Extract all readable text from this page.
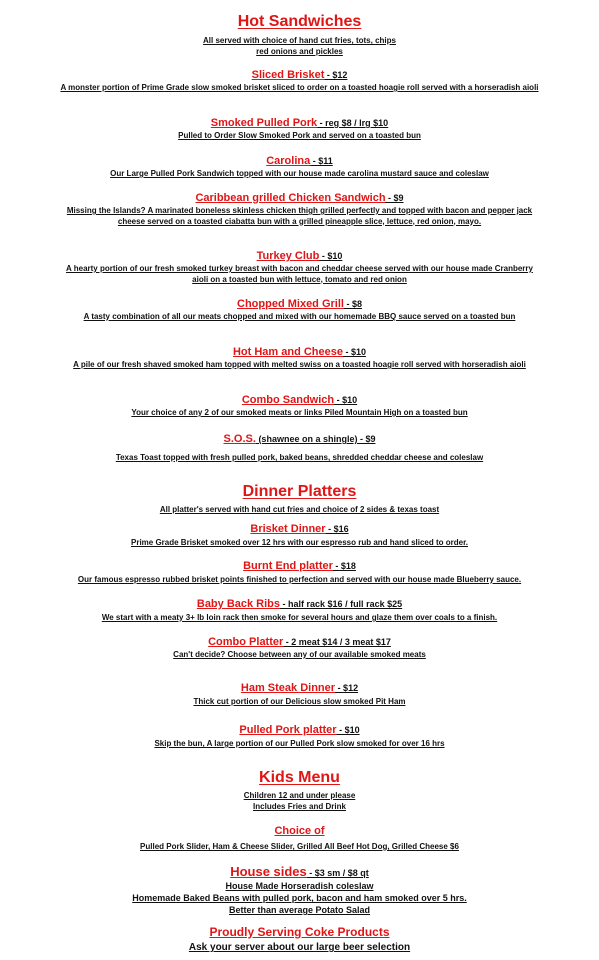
Hot Sandwiches
All served with choice of hand cut fries, tots, chips
red onions and pickles
Sliced Brisket - $12
A monster portion of Prime Grade slow smoked brisket sliced to order on a toasted hoagie roll served with a horseradish aioli
Smoked Pulled Pork - reg $8 / lrg $10
Pulled to Order Slow Smoked Pork and served on a toasted bun
Carolina - $11
Our Large Pulled Pork Sandwich topped with our house made carolina mustard sauce and coleslaw
Caribbean grilled Chicken Sandwich - $9
Missing the Islands? A marinated boneless skinless chicken thigh grilled perfectly and topped with bacon and pepper jack cheese served on a toasted ciabatta bun with a grilled pineapple slice, lettuce, red onion, mayo.
Turkey Club - $10
A hearty portion of our fresh smoked turkey breast with bacon and cheddar cheese served with our house made Cranberry aioli on a toasted bun with lettuce, tomato and red onion
Chopped Mixed Grill - $8
A tasty combination of all our meats chopped and mixed with our homemade BBQ sauce served on a toasted bun
Hot Ham and Cheese - $10
A pile of our fresh shaved smoked ham topped with melted swiss on a toasted hoagie roll served with horseradish aioli
Combo Sandwich - $10
Your choice of any 2 of our smoked meats or links Piled Mountain High on a toasted bun
S.O.S. (shawnee on a shingle) - $9
Texas Toast topped with fresh pulled pork, baked beans, shredded cheddar cheese and coleslaw
Dinner Platters
All platter's served with hand cut fries and choice of 2 sides & texas toast
Brisket Dinner - $16
Prime Grade Brisket smoked over 12 hrs with our espresso rub and hand sliced to order.
Burnt End platter - $18
Our famous espresso rubbed brisket points finished to perfection and served with our house made Blueberry sauce.
Baby Back Ribs - half rack $16 / full rack $25
We start with a meaty 3+ lb loin rack then smoke for several hours and glaze them over coals to a finish.
Combo Platter - 2 meat $14 / 3 meat $17
Can't decide? Choose between any of our available smoked meats
Ham Steak Dinner - $12
Thick cut portion of our Delicious slow smoked Pit Ham
Pulled Pork platter - $10
Skip the bun, A large portion of our Pulled Pork slow smoked for over 16 hrs
Kids Menu
Children 12 and under please
Includes Fries and Drink
Choice of
Pulled Pork Slider, Ham & Cheese Slider, Grilled All Beef Hot Dog, Grilled Cheese $6
House sides - $3 sm / $8 qt
House Made Horseradish coleslaw
Homemade Baked Beans with pulled pork, bacon and ham smoked over 5 hrs.
Better than average Potato Salad
Proudly Serving Coke Products
Ask your server about our large beer selection
